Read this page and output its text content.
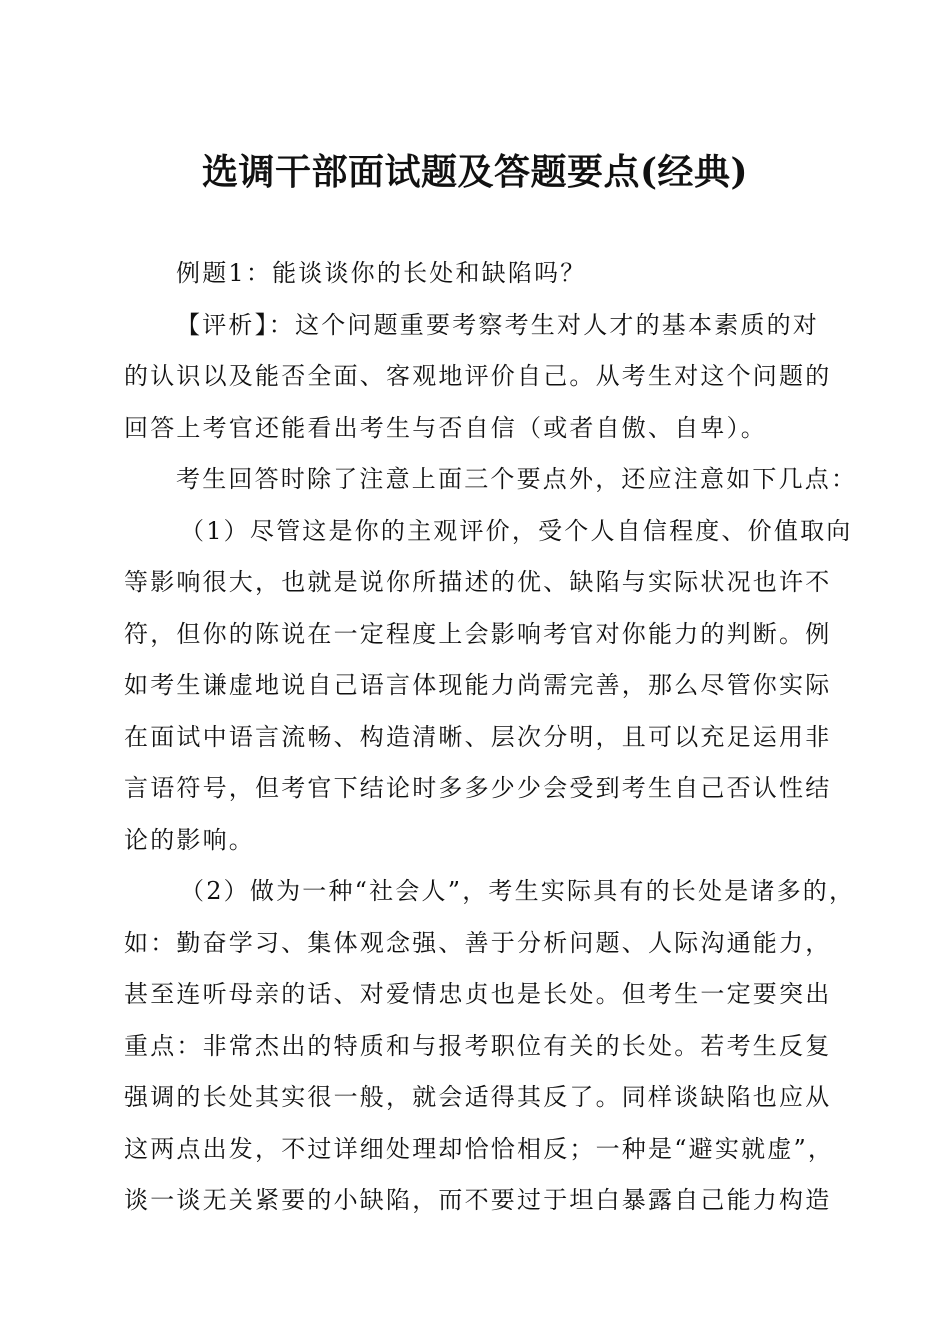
选调干部面试题及答题要点(经典)
例题1：能谈谈你的长处和缺陷吗？
【评析】：这个问题重要考察考生对人才的基本素质的对
的认识以及能否全面、客观地评价自己。从考生对这个问题的
回答上考官还能看出考生与否自信（或者自傲、自卑）。
考生回答时除了注意上面三个要点外，还应注意如下几点：
（1）尽管这是你的主观评价，受个人自信程度、价值取向
等影响很大，也就是说你所描述的优、缺陷与实际状况也许不
符，但你的陈说在一定程度上会影响考官对你能力的判断。例
如考生谦虚地说自己语言体现能力尚需完善，那么尽管你实际
在面试中语言流畅、构造清晰、层次分明，且可以充足运用非
言语符号，但考官下结论时多多少少会受到考生自己否认性结
论的影响。
（2）做为一种“社会人”，考生实际具有的长处是诸多的，
如：勤奋学习、集体观念强、善于分析问题、人际沟通能力，
甚至连听母亲的话、对爱情忠贞也是长处。但考生一定要突出
重点：非常杰出的特质和与报考职位有关的长处。若考生反复
强调的长处其实很一般，就会适得其反了。同样谈缺陷也应从
这两点出发，不过详细处理却恰恰相反；一种是“避实就虚”，
谈一谈无关紧要的小缺陷，而不要过于坦白暴露自己能力构造
